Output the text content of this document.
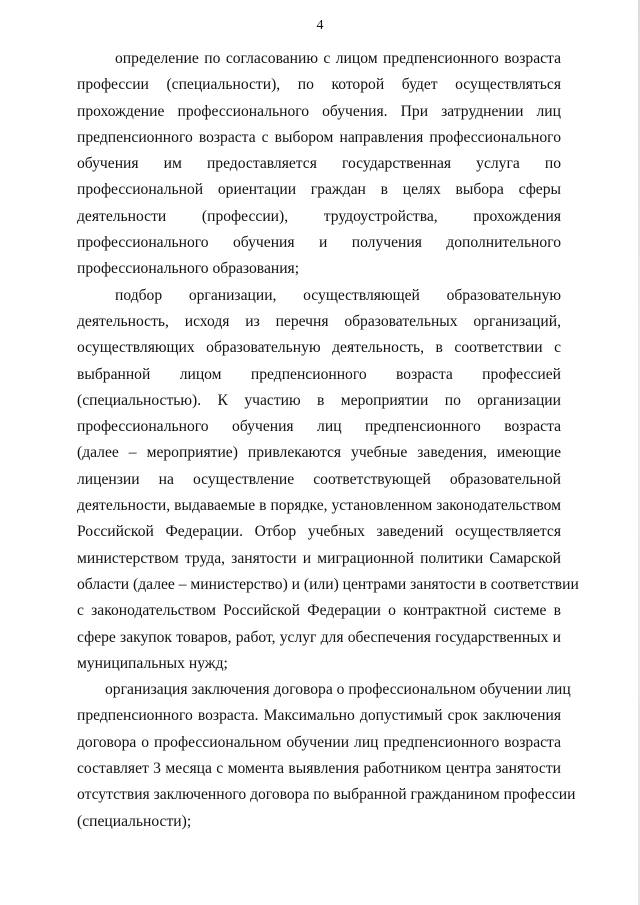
4
определение по согласованию с лицом предпенсионного возраста
профессии (специальности), по которой будет осуществляться
прохождение профессионального обучения. При затруднении лиц
предпенсионного возраста с выбором направления профессионального
обучения им предоставляется государственная услуга по
профессиональной ориентации граждан в целях выбора сферы
деятельности (профессии), трудоустройства, прохождения
профессионального обучения и получения дополнительного
профессионального образования;
подбор организации, осуществляющей образовательную
деятельность, исходя из перечня образовательных организаций,
осуществляющих образовательную деятельность, в соответствии с
выбранной лицом предпенсионного возраста профессией
(специальностью). К участию в мероприятии по организации
профессионального обучения лиц предпенсионного возраста
(далее – мероприятие) привлекаются учебные заведения, имеющие
лицензии на осуществление соответствующей образовательной
деятельности, выдаваемые в порядке, установленном законодательством
Российской Федерации. Отбор учебных заведений осуществляется
министерством труда, занятости и миграционной политики Самарской
области (далее – министерство) и (или) центрами занятости в соответствии
с законодательством Российской Федерации о контрактной системе в
сфере закупок товаров, работ, услуг для обеспечения государственных и
муниципальных нужд;
организация заключения договора о профессиональном обучении лиц
предпенсионного возраста. Максимально допустимый срок заключения
договора о профессиональном обучении лиц предпенсионного возраста
составляет 3 месяца с момента выявления работником центра занятости
отсутствия заключенного договора по выбранной гражданином профессии
(специальности);
